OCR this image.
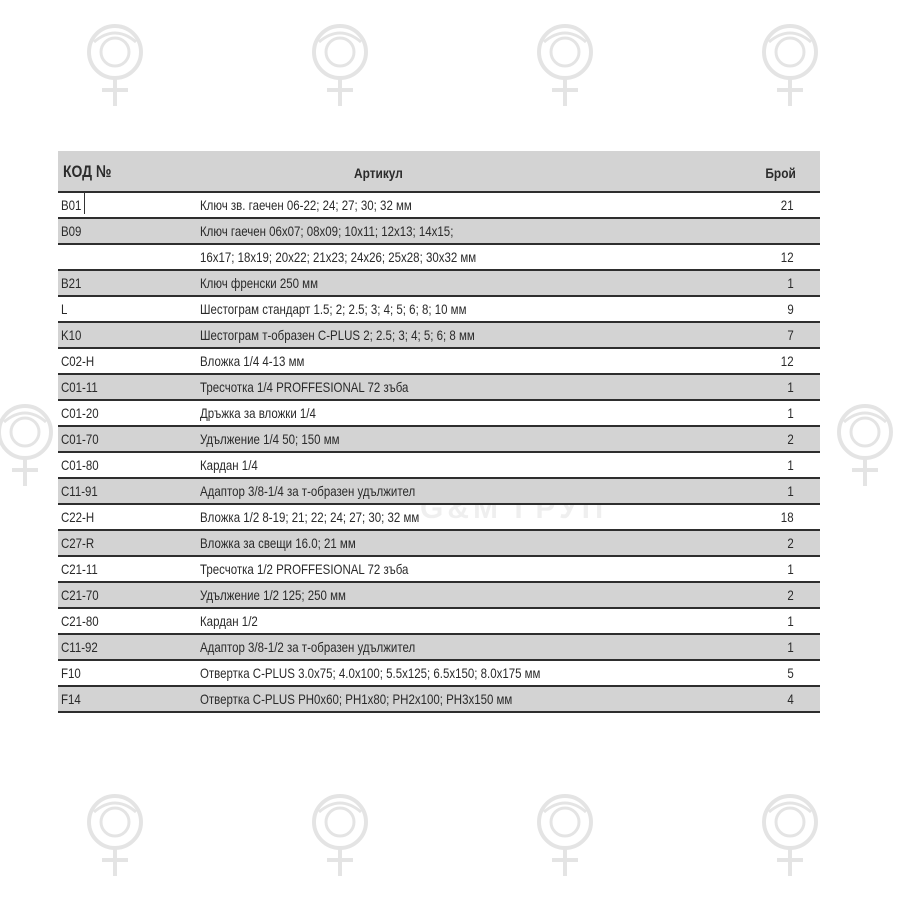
G&M ГРУП
КОД №	Артикул	Брой
B01	Ключ зв. гаечен 06-22; 24; 27; 30; 32 мм	21
B09	Ключ гаечен 06x07; 08x09; 10x11; 12x13; 14x15;
16x17; 18x19; 20x22; 21x23; 24x26; 25x28; 30x32 мм	12
B21	Ключ френски 250 мм	1
L	Шестограм стандарт 1.5; 2; 2.5; 3; 4; 5; 6; 8; 10 мм	9
K10	Шестограм т-образен C-PLUS 2; 2.5; 3; 4; 5; 6; 8 мм	7
C02-H	Вложка 1/4 4-13 мм	12
C01-11	Тресчотка 1/4 PROFFESIONAL 72 зъба	1
C01-20	Дръжка за вложки 1/4	1
C01-70	Удължение 1/4 50; 150 мм	2
C01-80	Кардан 1/4	1
C11-91	Адаптор 3/8-1/4 за т-образен удължител	1
C22-H	Вложка 1/2 8-19; 21; 22; 24; 27; 30; 32 мм	18
C27-R	Вложка за свещи 16.0; 21 мм	2
C21-11	Тресчотка 1/2 PROFFESIONAL 72 зъба	1
C21-70	Удължение 1/2 125; 250 мм	2
C21-80	Кардан 1/2	1
C11-92	Адаптор 3/8-1/2 за т-образен удължител	1
F10	Отвертка C-PLUS 3.0x75; 4.0x100; 5.5x125; 6.5x150; 8.0x175 мм	5
F14	Отвертка C-PLUS PH0x60; PH1x80; PH2x100; PH3x150 мм	4
